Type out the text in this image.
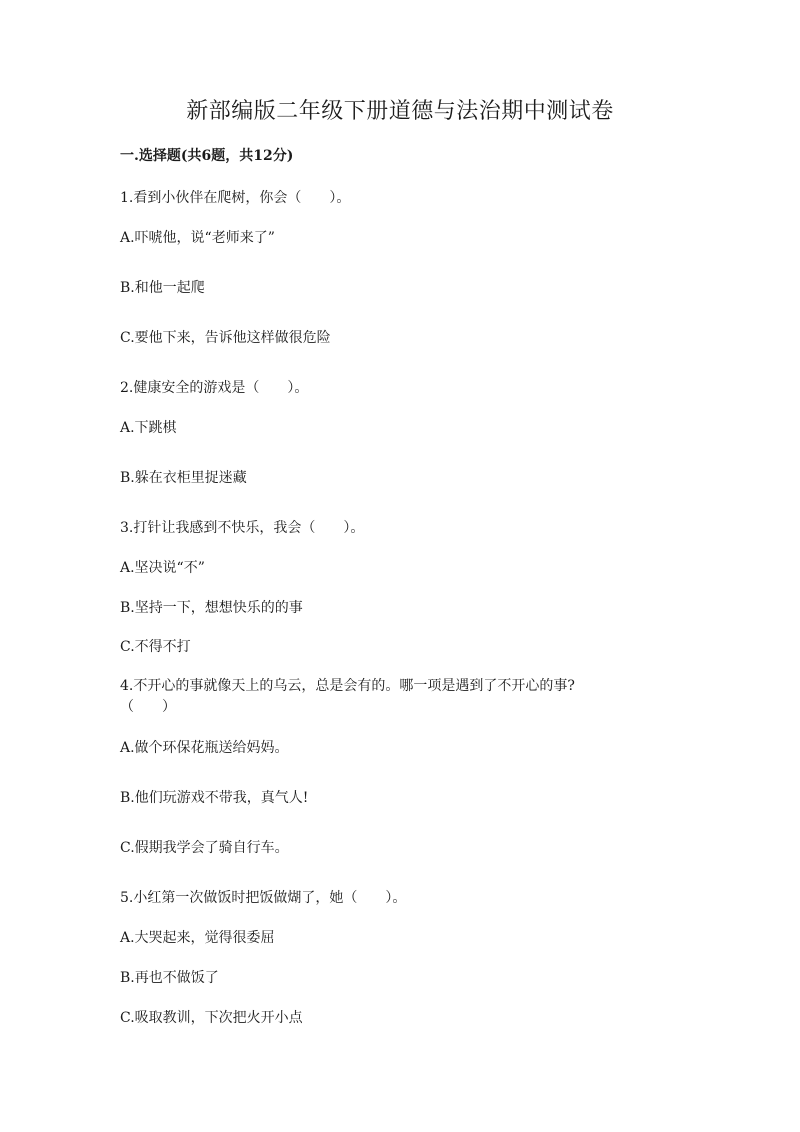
新部编版二年级下册道德与法治期中测试卷
一.选择题(共6题，共12分)
1.看到小伙伴在爬树，你会（　　）。
A.吓唬他，说“老师来了”
B.和他一起爬
C.要他下来，告诉他这样做很危险
2.健康安全的游戏是（　　）。
A.下跳棋
B.躲在衣柜里捉迷藏
3.打针让我感到不快乐，我会（　　）。
A.坚决说“不”
B.坚持一下，想想快乐的的事
C.不得不打
4.不开心的事就像天上的乌云，总是会有的。哪一项是遇到了不开心的事?
（　　）
A.做个环保花瓶送给妈妈。
B.他们玩游戏不带我，真气人!
C.假期我学会了骑自行车。
5.小红第一次做饭时把饭做煳了，她（　　）。
A.大哭起来，觉得很委屈
B.再也不做饭了
C.吸取教训，下次把火开小点
